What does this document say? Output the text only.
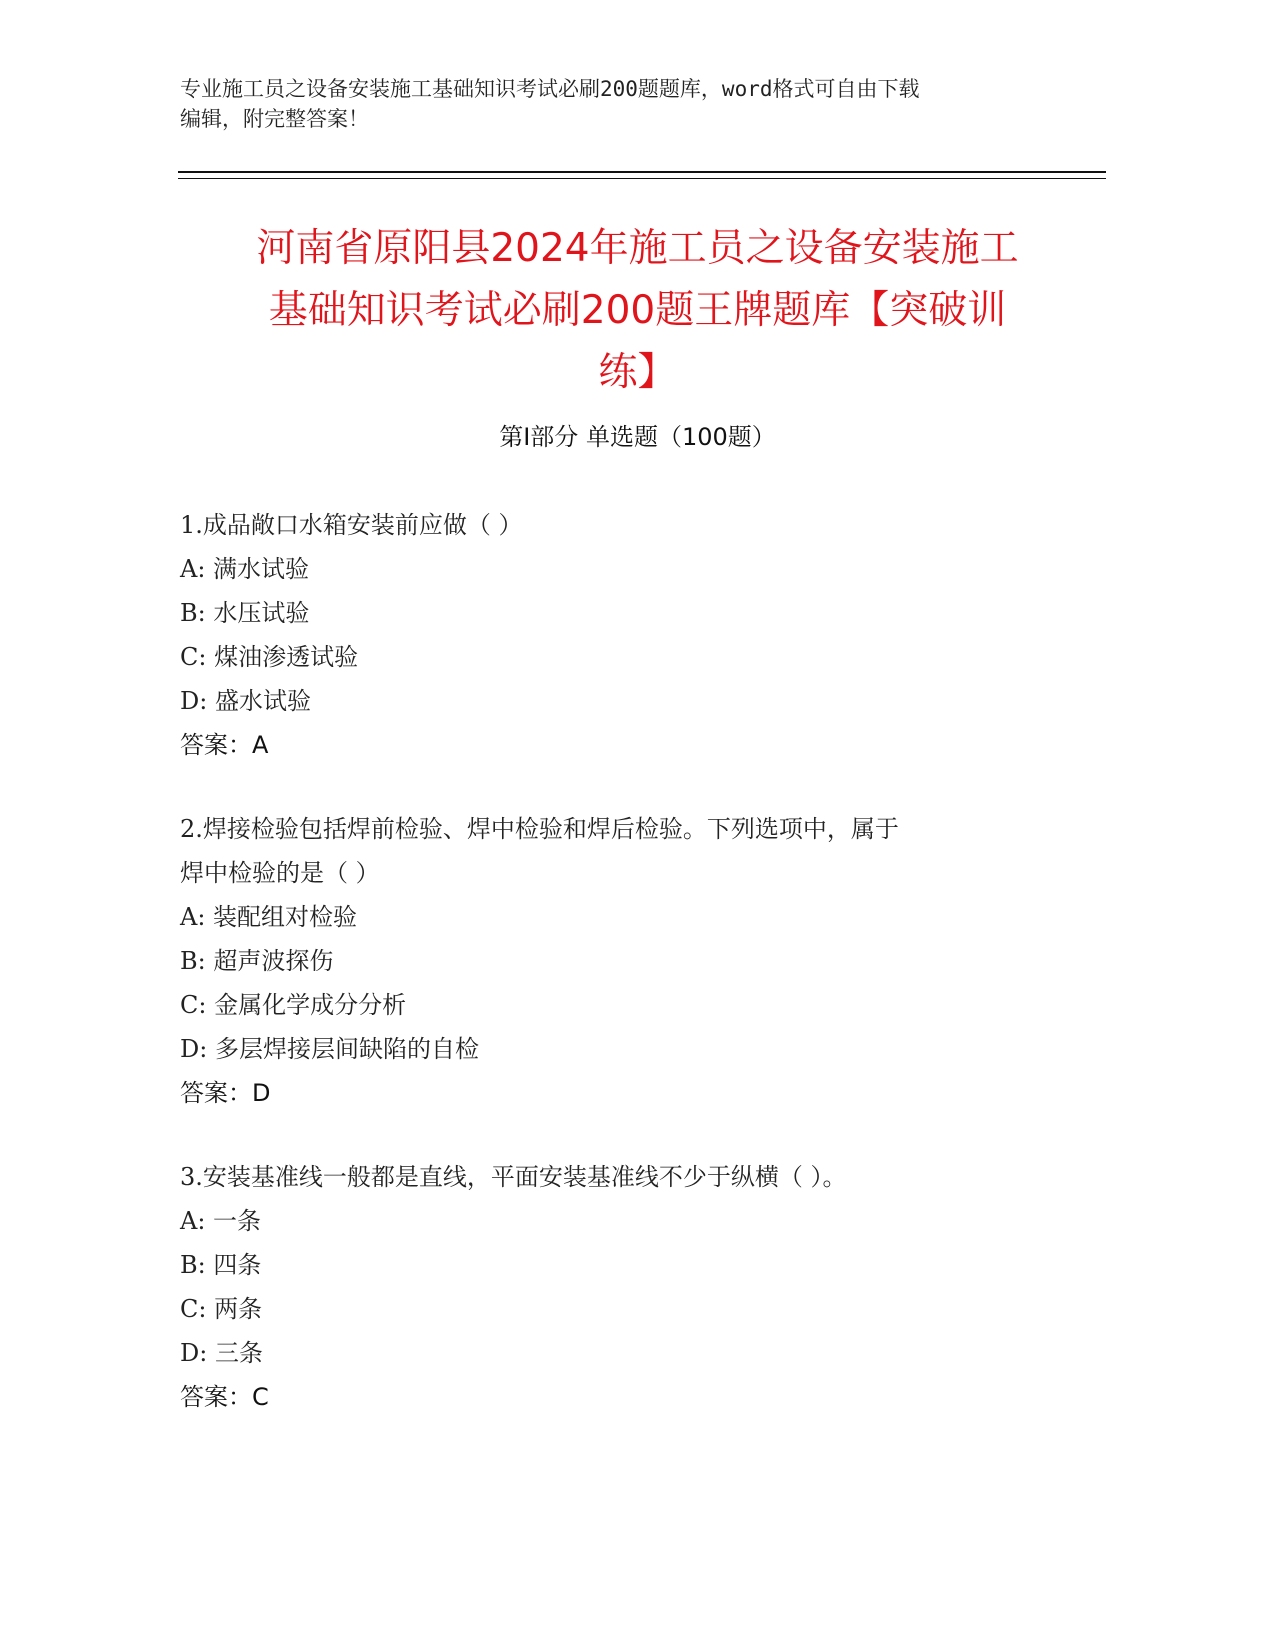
专业施工员之设备安装施工基础知识考试必刷200题题库，word格式可自由下载
编辑，附完整答案！
河南省原阳县2024年施工员之设备安装施工
基础知识考试必刷200题王牌题库【突破训
练】
第Ⅰ部分 单选题（100题）
1.成品敞口水箱安装前应做（ ）
A: 满水试验
B: 水压试验
C: 煤油渗透试验
D: 盛水试验
答案：A
2.焊接检验包括焊前检验、焊中检验和焊后检验。下列选项中，属于
焊中检验的是（ ）
A: 装配组对检验
B: 超声波探伤
C: 金属化学成分分析
D: 多层焊接层间缺陷的自检
答案：D
3.安装基准线一般都是直线，平面安装基准线不少于纵横（ ）。
A: 一条
B: 四条
C: 两条
D: 三条
答案：C
